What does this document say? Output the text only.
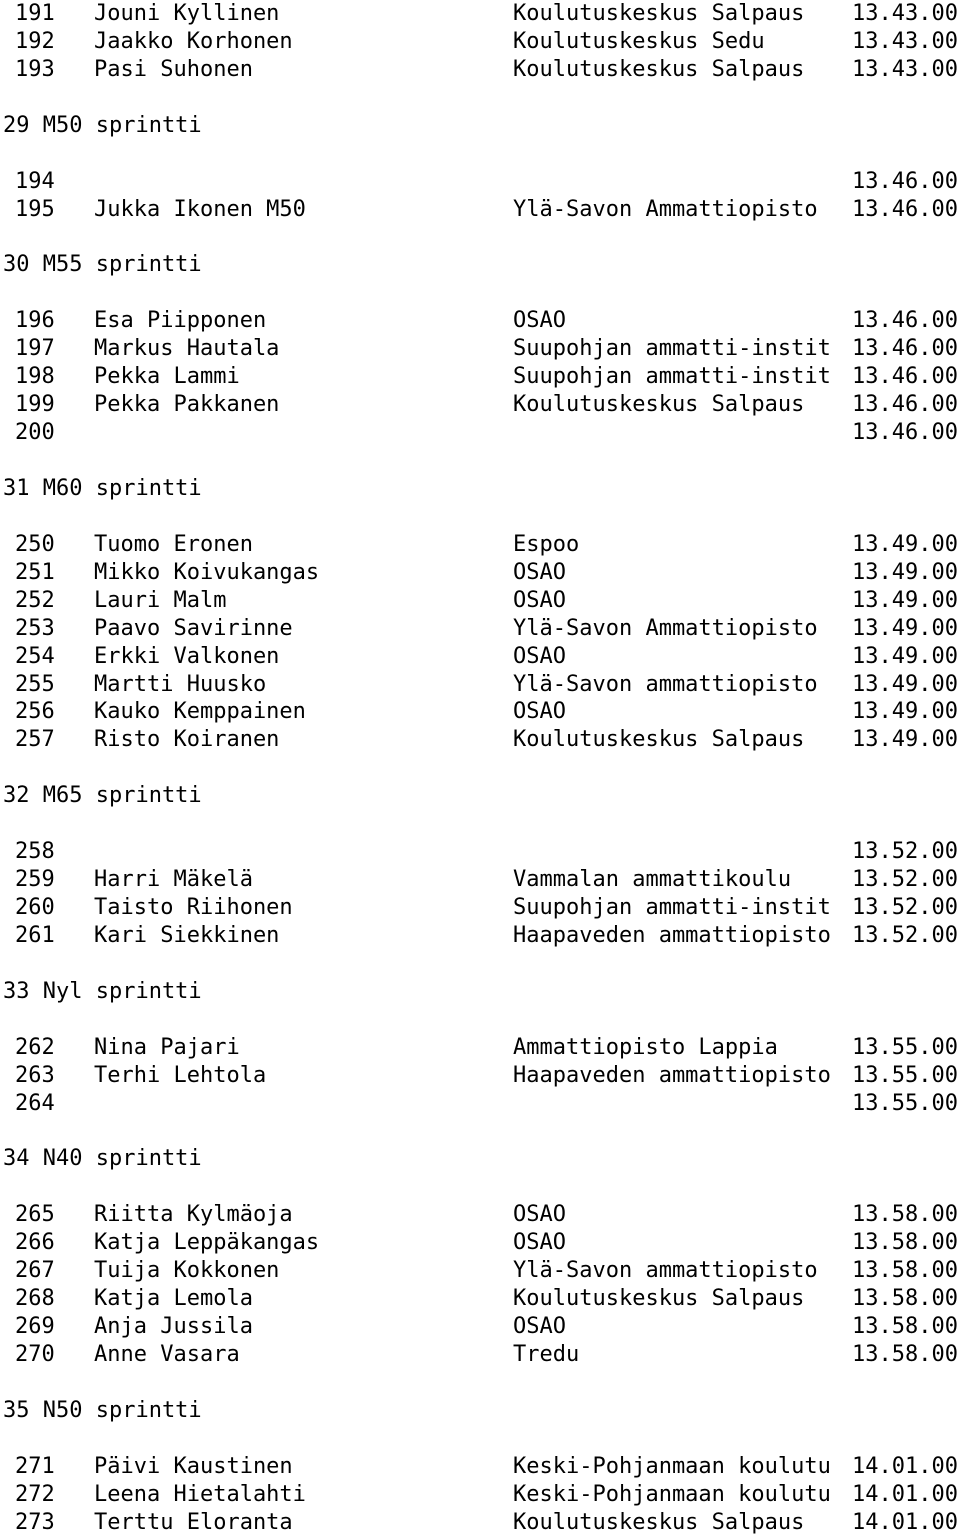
191 Jouni Kyllinen	Koulutuskeskus Salpaus 13.43.00
192 Jaakko Korhonen	Koulutuskeskus Sedu	13.43.00
193 Pasi Suhonen	Koulutuskeskus Salpaus 13.43.00
29 M50 sprintti
194	13.46.00
195 Jukka Ikonen M50	Ylä-Savon Ammattiopisto 13.46.00
30 M55 sprintti
196 Esa Piipponen	OSAO	13.46.00
197 Markus Hautala	Suupohjan ammatti-instit 13.46.00
198 Pekka Lammi	Suupohjan ammatti-instit 13.46.00
199 Pekka Pakkanen	Koulutuskeskus Salpaus 13.46.00
200	13.46.00
31 M60 sprintti
250 Tuomo Eronen	Espoo	13.49.00
251 Mikko Koivukangas	OSAO	13.49.00
252 Lauri Malm	OSAO	13.49.00
253 Paavo Savirinne	Ylä-Savon Ammattiopisto 13.49.00
254 Erkki Valkonen	OSAO	13.49.00
255 Martti Huusko	Ylä-Savon ammattiopisto 13.49.00
256 Kauko Kemppainen	OSAO	13.49.00
257 Risto Koiranen	Koulutuskeskus Salpaus 13.49.00
32 M65 sprintti
258	13.52.00
259 Harri Mäkelä	Vammalan ammattikoulu	13.52.00
260 Taisto Riihonen	Suupohjan ammatti-instit 13.52.00
261 Kari Siekkinen	Haapaveden ammattiopisto 13.52.00
33 Nyl sprintti
262 Nina Pajari	Ammattiopisto Lappia	13.55.00
263 Terhi Lehtola	Haapaveden ammattiopisto 13.55.00
264	13.55.00
34 N40 sprintti
265 Riitta Kylmäoja	OSAO	13.58.00
266 Katja Leppäkangas	OSAO	13.58.00
267 Tuija Kokkonen	Ylä-Savon ammattiopisto 13.58.00
268 Katja Lemola	Koulutuskeskus Salpaus 13.58.00
269 Anja Jussila	OSAO	13.58.00
270 Anne Vasara	Tredu	13.58.00
35 N50 sprintti
271 Päivi Kaustinen	Keski-Pohjanmaan koulutu 14.01.00
272 Leena Hietalahti	Keski-Pohjanmaan koulutu 14.01.00
273 Terttu Eloranta	Koulutuskeskus Salpaus 14.01.00
